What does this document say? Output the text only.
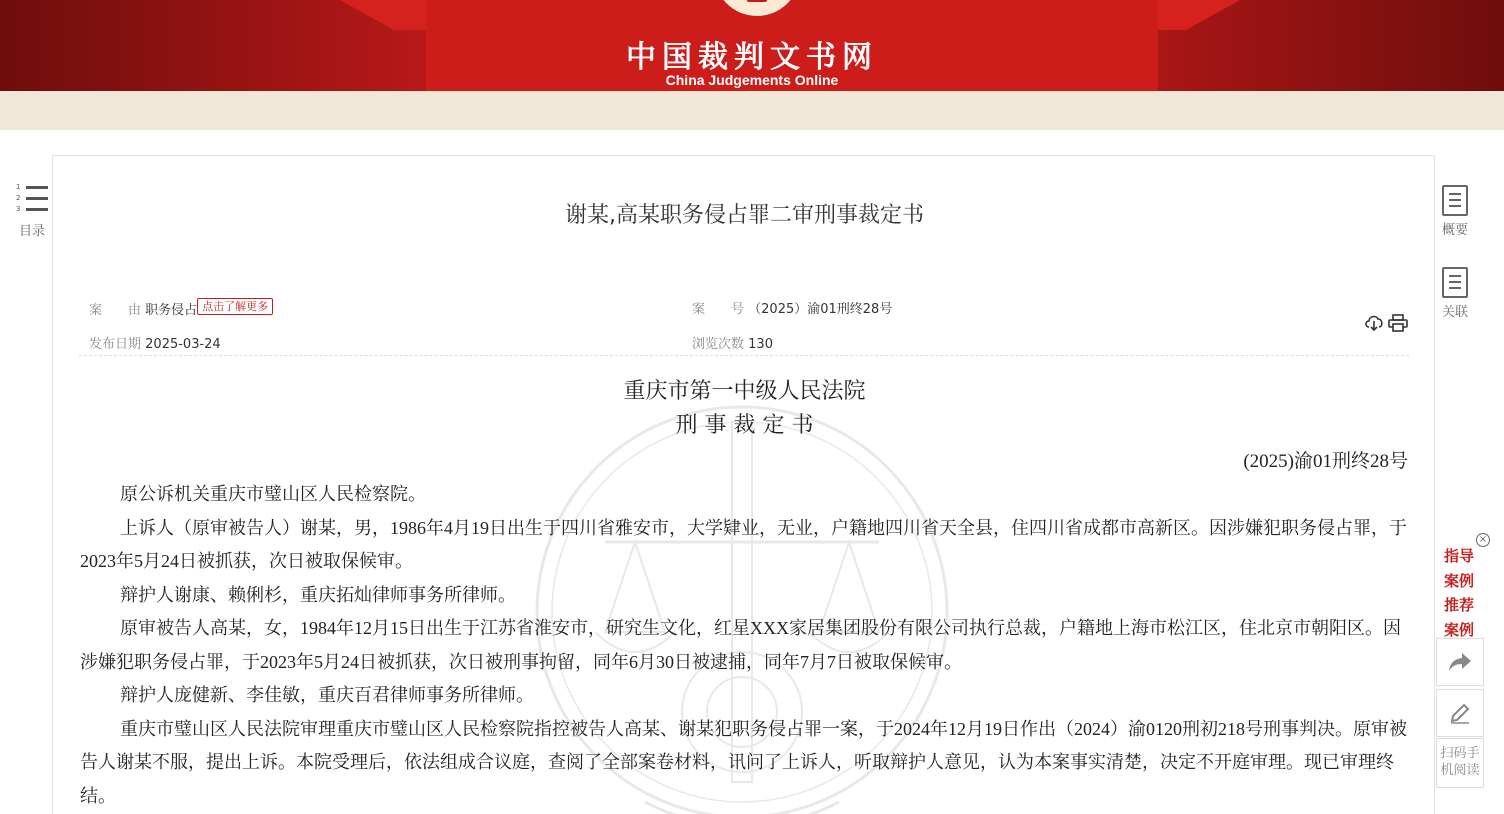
中国裁判文书网
China Judgements Online
1
2
3
目录	概要
关联
×
指导案例推荐案例
扫码手机阅读
谢某,高某职务侵占罪二审刑事裁定书
案　　由 职务侵占 点击了解更多	案　　号 （2025）渝01刑终28号
发布日期 2025-03-24	浏览次数 130
重庆市第一中级人民法院
刑 事 裁 定 书
(2025)渝01刑终28号

原公诉机关重庆市璧山区人民检察院。

上诉人（原审被告人）谢某，男，1986年4月19日出生于四川省雅安市，大学肄业，无业，户籍地四川省天全县，住四川省成都市高新区。因涉嫌犯职务侵占罪，于2023年5月24日被抓获，次日被取保候审。

辩护人谢康、赖俐杉，重庆拓灿律师事务所律师。

原审被告人高某，女，1984年12月15日出生于江苏省淮安市，研究生文化，红星XXX家居集团股份有限公司执行总裁，户籍地上海市松江区，住北京市朝阳区。因涉嫌犯职务侵占罪，于2023年5月24日被抓获，次日被刑事拘留，同年6月30日被逮捕，同年7月7日被取保候审。

辩护人庞健新、李佳敏，重庆百君律师事务所律师。

重庆市璧山区人民法院审理重庆市璧山区人民检察院指控被告人高某、谢某犯职务侵占罪一案，于2024年12月19日作出（2024）渝0120刑初218号刑事判决。原审被告人谢某不服，提出上诉。本院受理后，依法组成合议庭，查阅了全部案卷材料，讯问了上诉人，听取辩护人意见，认为本案事实清楚，决定不开庭审理。现已审理终结。
